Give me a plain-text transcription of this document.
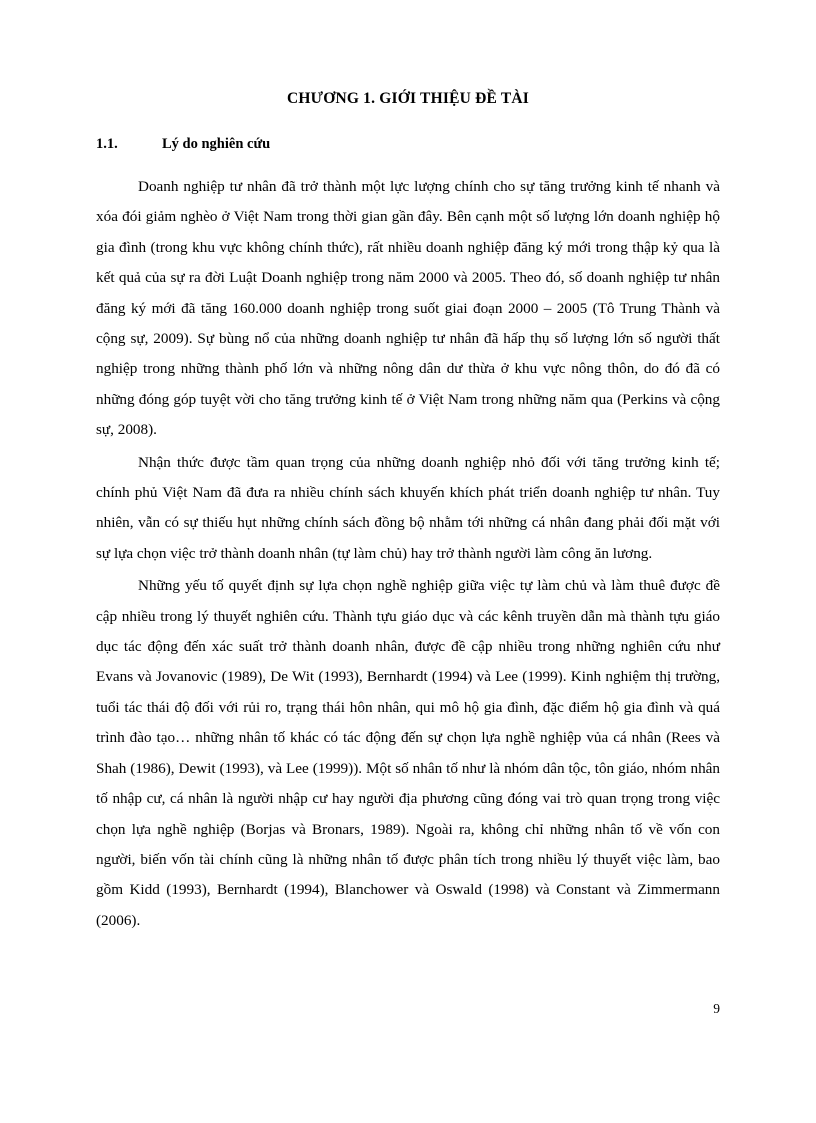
CHƯƠNG 1. GIỚI THIỆU ĐỀ TÀI
1.1.	Lý do nghiên cứu

Doanh nghiệp tư nhân đã trở thành một lực lượng chính cho sự tăng trưởng kinh tế nhanh và xóa đói giảm nghèo ở Việt Nam trong thời gian gần đây. Bên cạnh một số lượng lớn doanh nghiệp hộ gia đình (trong khu vực không chính thức), rất nhiều doanh nghiệp đăng ký mới trong thập kỷ qua là kết quả của sự ra đời Luật Doanh nghiệp trong năm 2000 và 2005. Theo đó, số doanh nghiệp tư nhân đăng ký mới đã tăng 160.000 doanh nghiệp trong suốt giai đoạn 2000 – 2005 (Tô Trung Thành và cộng sự, 2009). Sự bùng nổ của những doanh nghiệp tư nhân đã hấp thụ số lượng lớn số người thất nghiệp trong những thành phố lớn và những nông dân dư thừa ở khu vực nông thôn, do đó đã có những đóng góp tuyệt vời cho tăng trưởng kinh tế ở Việt Nam trong những năm qua (Perkins và cộng sự, 2008).

Nhận thức được tầm quan trọng của những doanh nghiệp nhỏ đối với tăng trưởng kinh tế; chính phủ Việt Nam đã đưa ra nhiều chính sách khuyến khích phát triển doanh nghiệp tư nhân. Tuy nhiên, vẫn có sự thiếu hụt những chính sách đồng bộ nhằm tới những cá nhân đang phải đối mặt với sự lựa chọn việc trở thành doanh nhân (tự làm chủ) hay trở thành người làm công ăn lương.

Những yếu tố quyết định sự lựa chọn nghề nghiệp giữa việc tự làm chủ và làm thuê được đề cập nhiều trong lý thuyết nghiên cứu. Thành tựu giáo dục và các kênh truyền dẫn mà thành tựu giáo dục tác động đến xác suất trở thành doanh nhân, được đề cập nhiều trong những nghiên cứu như Evans và Jovanovic (1989), De Wit (1993), Bernhardt (1994) và Lee (1999). Kinh nghiệm thị trường, tuổi tác thái độ đối với rủi ro, trạng thái hôn nhân, qui mô hộ gia đình, đặc điểm hộ gia đình và quá trình đào tạo… những nhân tố khác có tác động đến sự chọn lựa nghề nghiệp vủa cá nhân (Rees và Shah (1986), Dewit (1993), và Lee (1999)). Một số nhân tố như là nhóm dân tộc, tôn giáo, nhóm nhân tố nhập cư, cá nhân là người nhập cư hay người địa phương cũng đóng vai trò quan trọng trong việc chọn lựa nghề nghiệp (Borjas và Bronars, 1989). Ngoài ra, không chỉ những nhân tố về vốn con người, biến vốn tài chính cũng là những nhân tố được phân tích trong nhiều lý thuyết việc làm, bao gồm Kidd (1993), Bernhardt (1994), Blanchower và Oswald (1998) và Constant và Zimmermann (2006).

9
